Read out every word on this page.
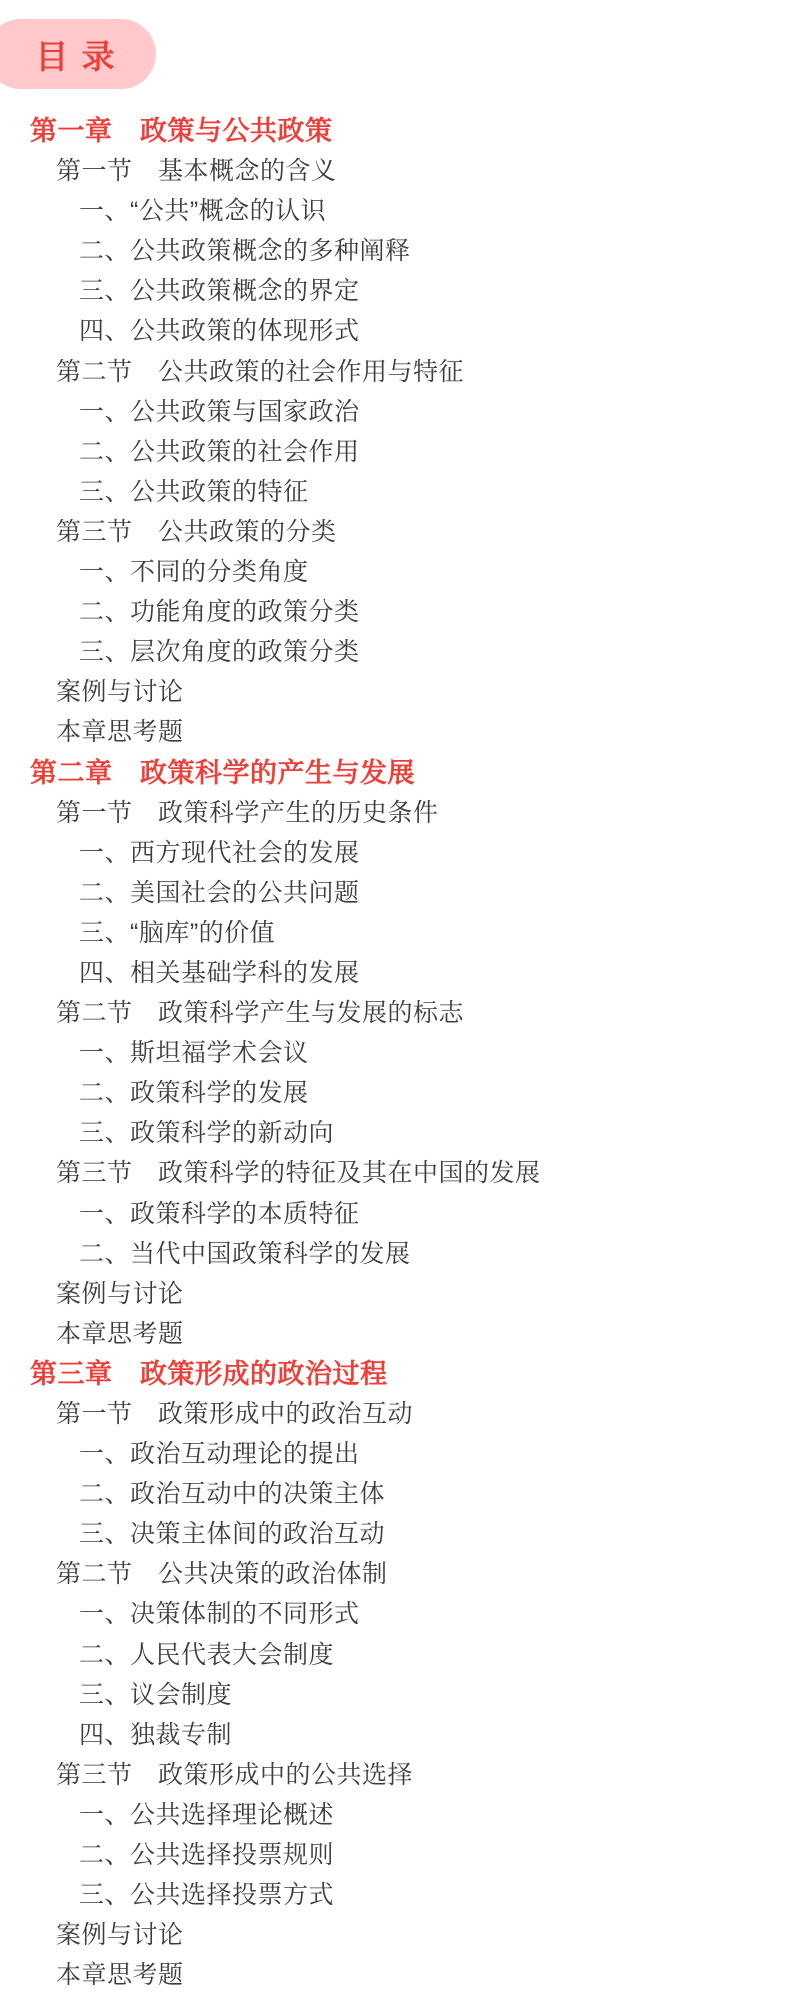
目 录
第一章　政策与公共政策
第一节　基本概念的含义
一、“公共”概念的认识
二、公共政策概念的多种阐释
三、公共政策概念的界定
四、公共政策的体现形式
第二节　公共政策的社会作用与特征
一、公共政策与国家政治
二、公共政策的社会作用
三、公共政策的特征
第三节　公共政策的分类
一、不同的分类角度
二、功能角度的政策分类
三、层次角度的政策分类
案例与讨论
本章思考题
第二章　政策科学的产生与发展
第一节　政策科学产生的历史条件
一、西方现代社会的发展
二、美国社会的公共问题
三、“脑库”的价值
四、相关基础学科的发展
第二节　政策科学产生与发展的标志
一、斯坦福学术会议
二、政策科学的发展
三、政策科学的新动向
第三节　政策科学的特征及其在中国的发展
一、政策科学的本质特征
二、当代中国政策科学的发展
案例与讨论
本章思考题
第三章　政策形成的政治过程
第一节　政策形成中的政治互动
一、政治互动理论的提出
二、政治互动中的决策主体
三、决策主体间的政治互动
第二节　公共决策的政治体制
一、决策体制的不同形式
二、人民代表大会制度
三、议会制度
四、独裁专制
第三节　政策形成中的公共选择
一、公共选择理论概述
二、公共选择投票规则
三、公共选择投票方式
案例与讨论
本章思考题
